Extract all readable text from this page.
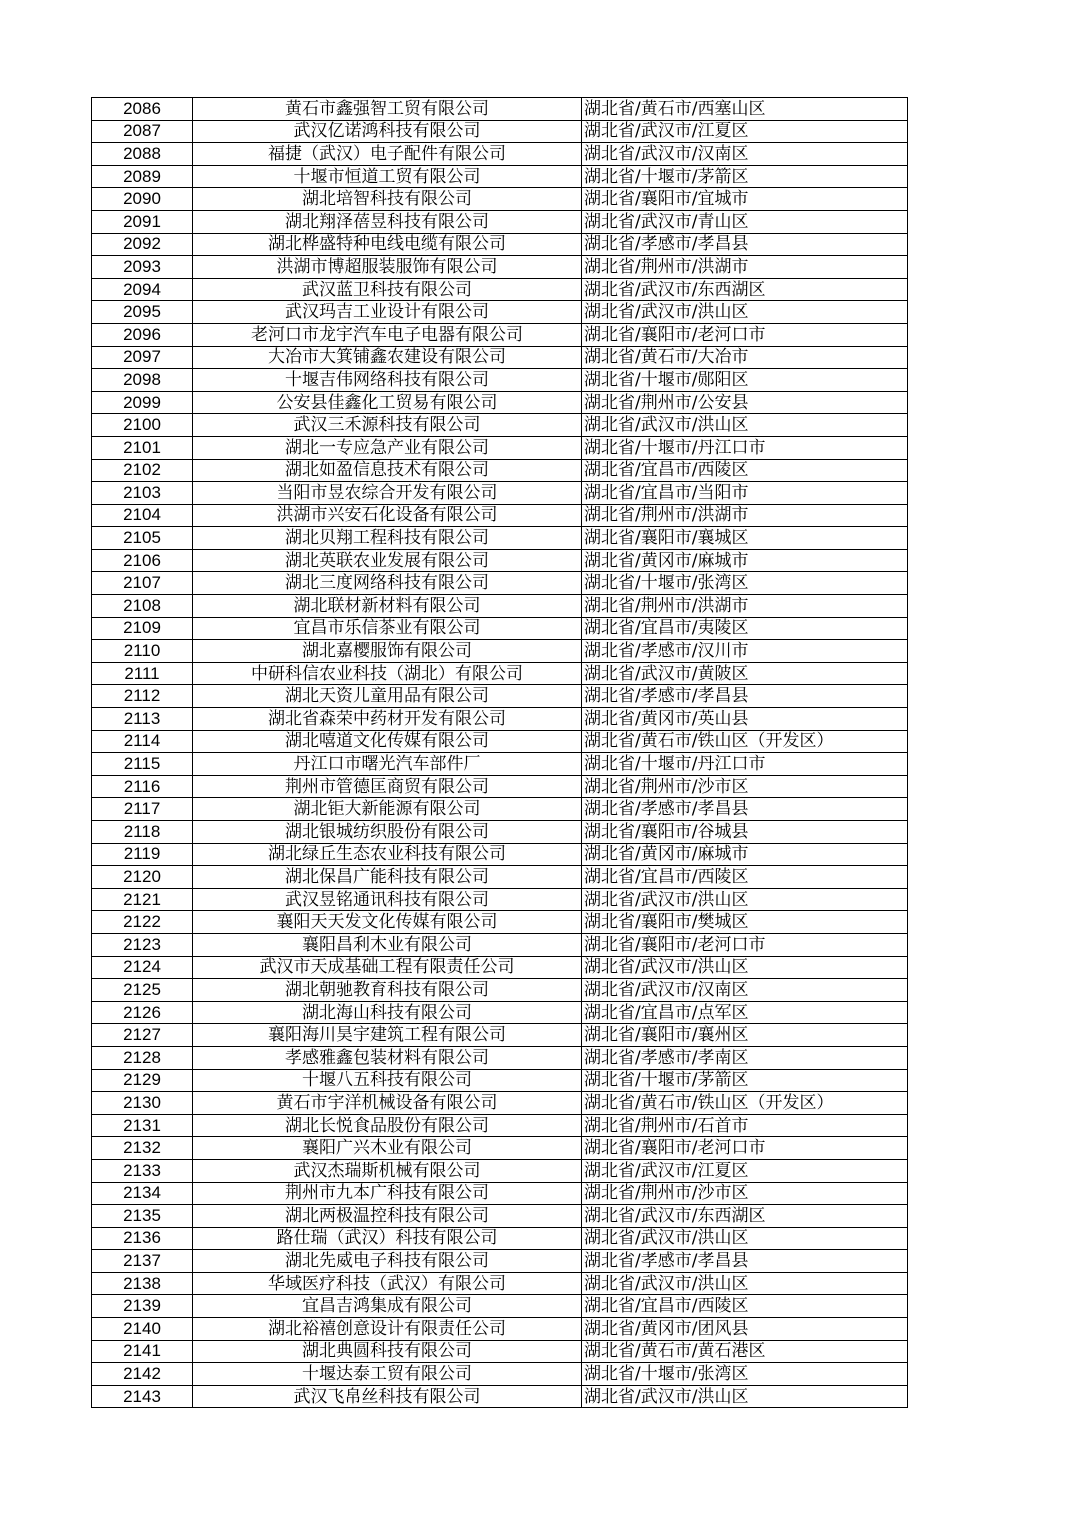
2086	黄石市鑫强智工贸有限公司	湖北省/黄石市/西塞山区
2087	武汉亿诺鸿科技有限公司	湖北省/武汉市/江夏区
2088	福捷（武汉）电子配件有限公司	湖北省/武汉市/汉南区
2089	十堰市恒道工贸有限公司	湖北省/十堰市/茅箭区
2090	湖北培智科技有限公司	湖北省/襄阳市/宜城市
2091	湖北翔泽蓓昱科技有限公司	湖北省/武汉市/青山区
2092	湖北桦盛特种电线电缆有限公司	湖北省/孝感市/孝昌县
2093	洪湖市博超服装服饰有限公司	湖北省/荆州市/洪湖市
2094	武汉蓝卫科技有限公司	湖北省/武汉市/东西湖区
2095	武汉玛吉工业设计有限公司	湖北省/武汉市/洪山区
2096	老河口市龙宇汽车电子电器有限公司	湖北省/襄阳市/老河口市
2097	大冶市大箕铺鑫农建设有限公司	湖北省/黄石市/大冶市
2098	十堰吉伟网络科技有限公司	湖北省/十堰市/郧阳区
2099	公安县佳鑫化工贸易有限公司	湖北省/荆州市/公安县
2100	武汉三禾源科技有限公司	湖北省/武汉市/洪山区
2101	湖北一专应急产业有限公司	湖北省/十堰市/丹江口市
2102	湖北如盈信息技术有限公司	湖北省/宜昌市/西陵区
2103	当阳市昱农综合开发有限公司	湖北省/宜昌市/当阳市
2104	洪湖市兴安石化设备有限公司	湖北省/荆州市/洪湖市
2105	湖北贝翔工程科技有限公司	湖北省/襄阳市/襄城区
2106	湖北英联农业发展有限公司	湖北省/黄冈市/麻城市
2107	湖北三度网络科技有限公司	湖北省/十堰市/张湾区
2108	湖北联材新材料有限公司	湖北省/荆州市/洪湖市
2109	宜昌市乐信茶业有限公司	湖北省/宜昌市/夷陵区
2110	湖北嘉樱服饰有限公司	湖北省/孝感市/汉川市
2111	中研科信农业科技（湖北）有限公司	湖北省/武汉市/黄陂区
2112	湖北天资儿童用品有限公司	湖北省/孝感市/孝昌县
2113	湖北省森荣中药材开发有限公司	湖北省/黄冈市/英山县
2114	湖北嘻道文化传媒有限公司	湖北省/黄石市/铁山区（开发区）
2115	丹江口市曙光汽车部件厂	湖北省/十堰市/丹江口市
2116	荆州市管德匡商贸有限公司	湖北省/荆州市/沙市区
2117	湖北钜大新能源有限公司	湖北省/孝感市/孝昌县
2118	湖北银城纺织股份有限公司	湖北省/襄阳市/谷城县
2119	湖北绿丘生态农业科技有限公司	湖北省/黄冈市/麻城市
2120	湖北保昌广能科技有限公司	湖北省/宜昌市/西陵区
2121	武汉昱铭通讯科技有限公司	湖北省/武汉市/洪山区
2122	襄阳天天发文化传媒有限公司	湖北省/襄阳市/樊城区
2123	襄阳昌利木业有限公司	湖北省/襄阳市/老河口市
2124	武汉市天成基础工程有限责任公司	湖北省/武汉市/洪山区
2125	湖北朝驰教育科技有限公司	湖北省/武汉市/汉南区
2126	湖北海山科技有限公司	湖北省/宜昌市/点军区
2127	襄阳海川昊宇建筑工程有限公司	湖北省/襄阳市/襄州区
2128	孝感雅鑫包装材料有限公司	湖北省/孝感市/孝南区
2129	十堰八五科技有限公司	湖北省/十堰市/茅箭区
2130	黄石市宇洋机械设备有限公司	湖北省/黄石市/铁山区（开发区）
2131	湖北长悦食品股份有限公司	湖北省/荆州市/石首市
2132	襄阳广兴木业有限公司	湖北省/襄阳市/老河口市
2133	武汉杰瑞斯机械有限公司	湖北省/武汉市/江夏区
2134	荆州市九本广科技有限公司	湖北省/荆州市/沙市区
2135	湖北两极温控科技有限公司	湖北省/武汉市/东西湖区
2136	路仕瑞（武汉）科技有限公司	湖北省/武汉市/洪山区
2137	湖北先威电子科技有限公司	湖北省/孝感市/孝昌县
2138	华域医疗科技（武汉）有限公司	湖北省/武汉市/洪山区
2139	宜昌吉鸿集成有限公司	湖北省/宜昌市/西陵区
2140	湖北裕禧创意设计有限责任公司	湖北省/黄冈市/团风县
2141	湖北典圆科技有限公司	湖北省/黄石市/黄石港区
2142	十堰达泰工贸有限公司	湖北省/十堰市/张湾区
2143	武汉飞帛丝科技有限公司	湖北省/武汉市/洪山区
